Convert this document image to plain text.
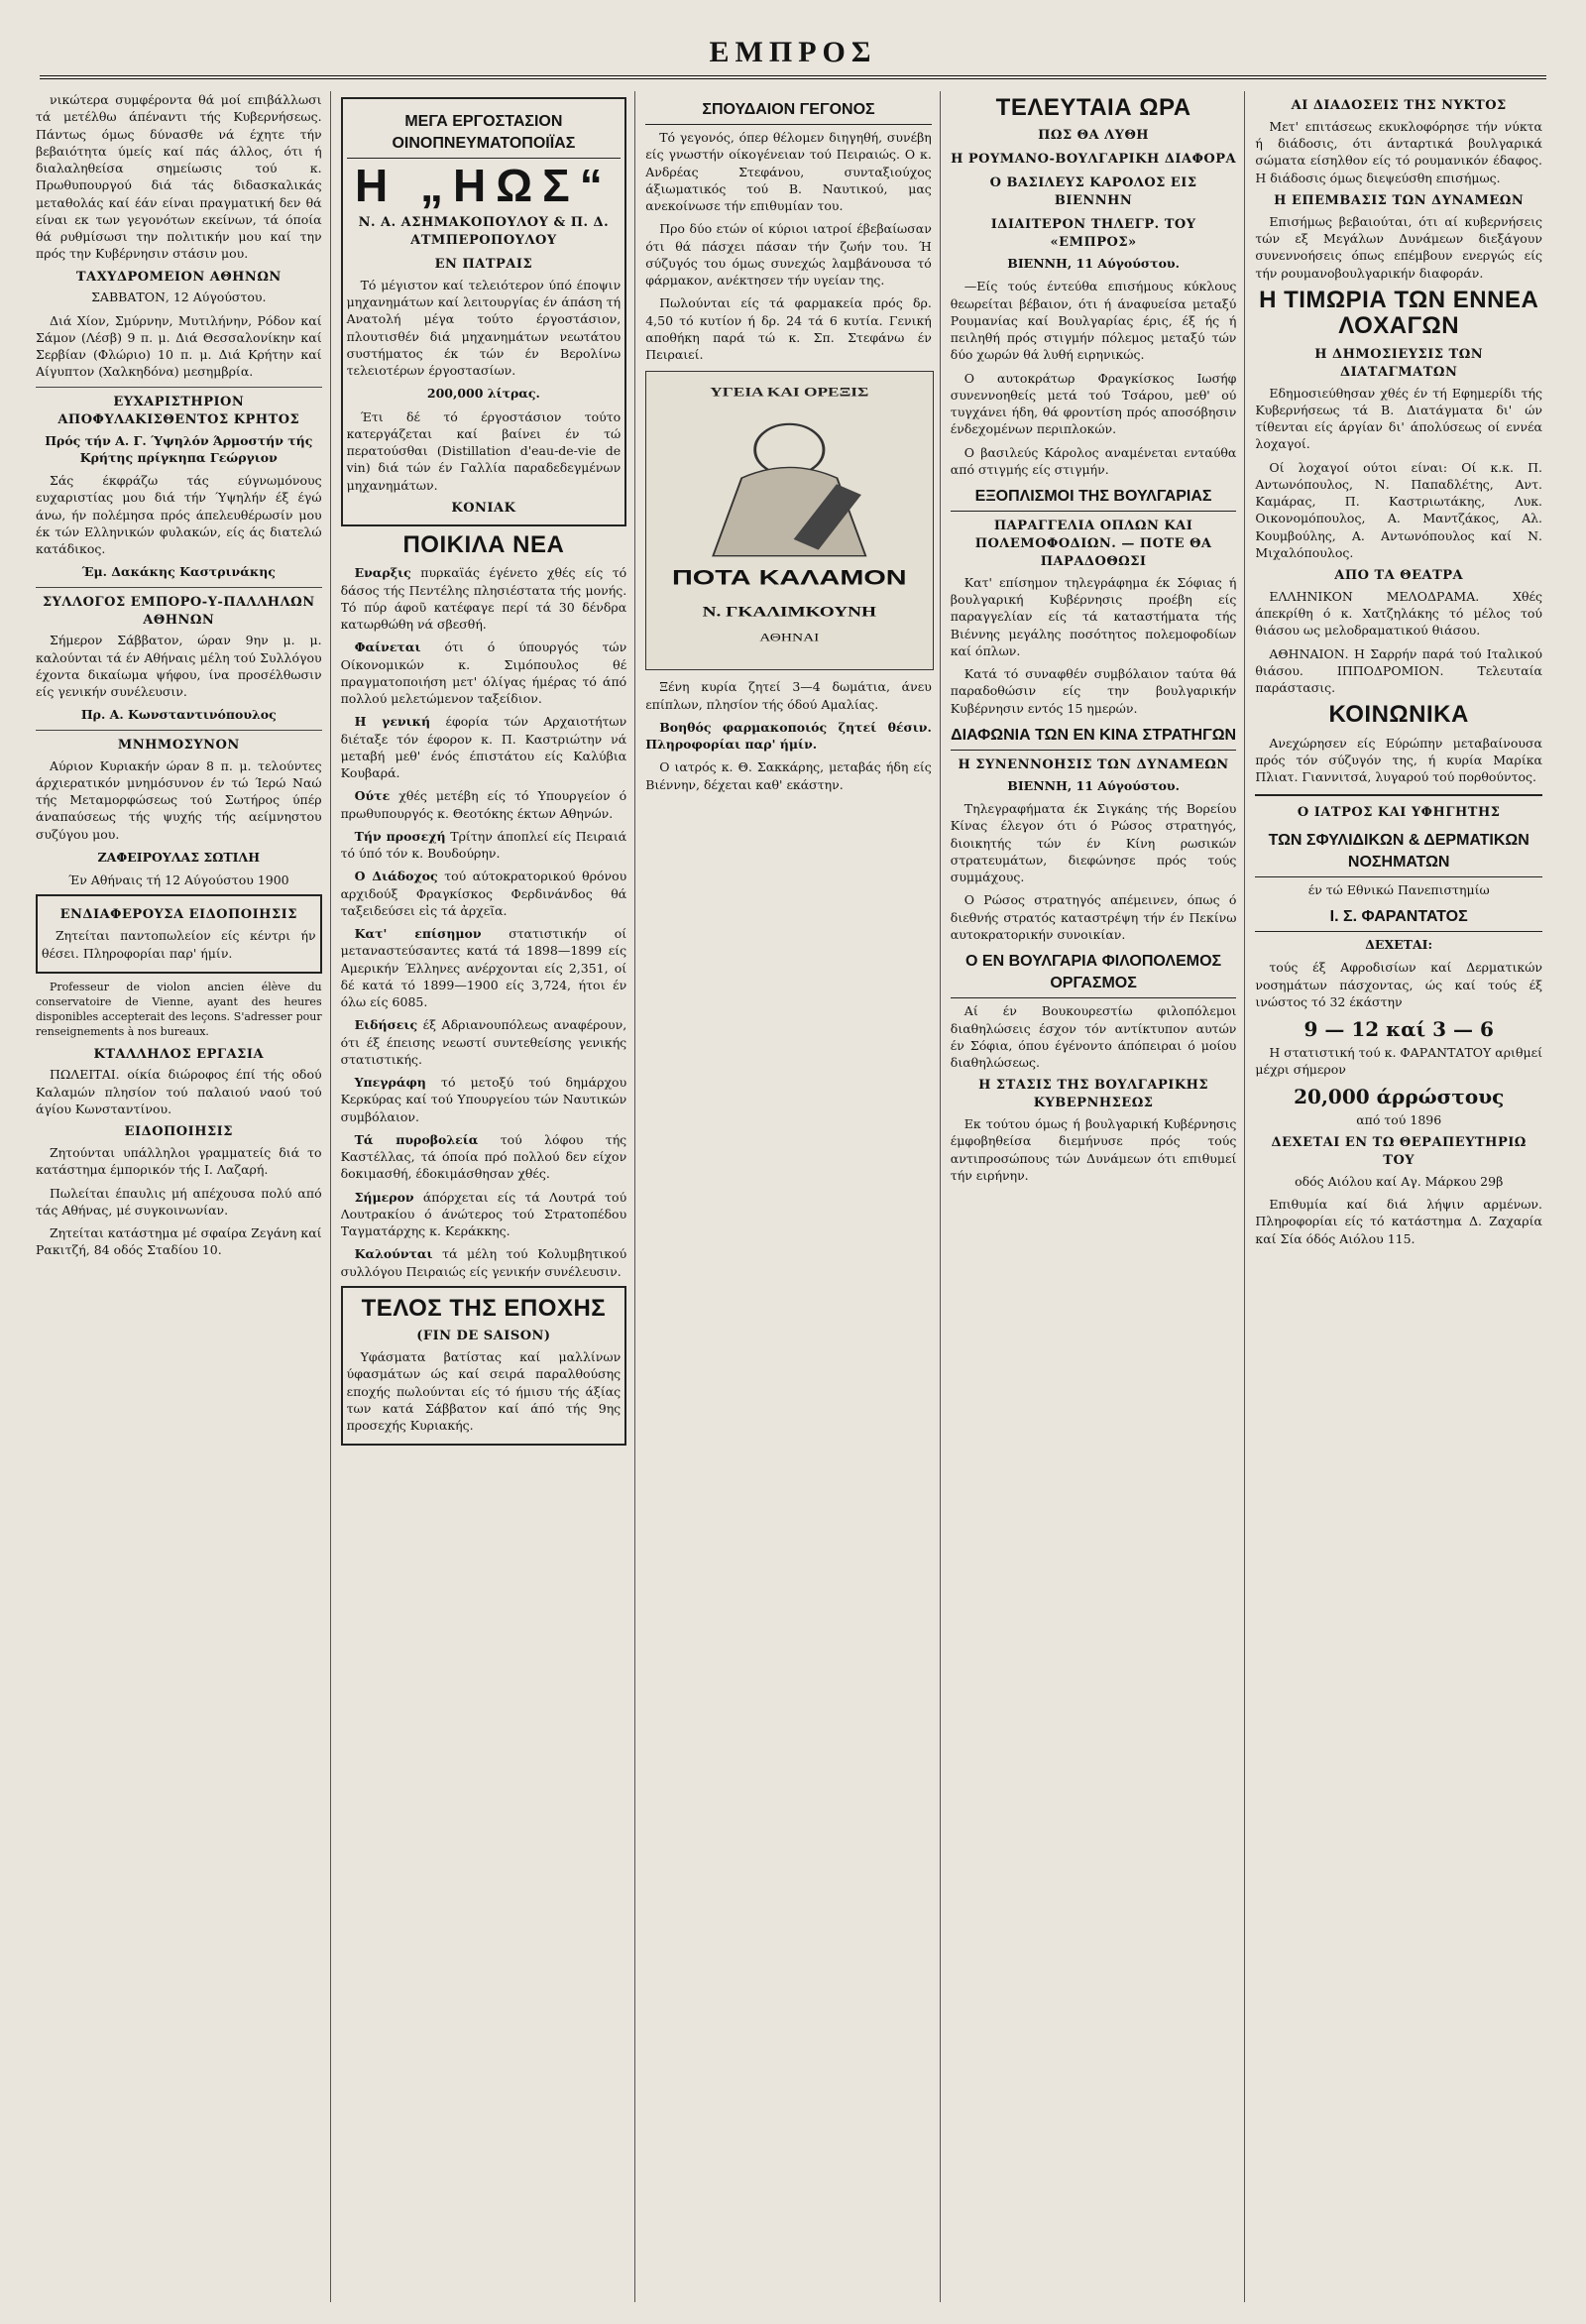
ΕΜΠΡΟΣ

νικώτερα συμφέροντα θά μοί επιβάλλωσι τά μετέλθω άπέναντι τής Κυβερνήσεως. Πάντως όμως δύνασθε νά έχητε τήν βεβαιότητα ύμείς καί πάς άλλος, ότι ή διαλαληθείσα σημείωσις τού κ. Πρωθυπουργού διά τάς διδασκαλικάς μεταθολάς καί έάν είναι πραγματική δεν θά είναι εκ των γεγονότων εκείνων, τά όποία θά ρυθμίσωσι την πολιτικήν μου καί την πρός την Κυβέρνησιν στάσιν μου.

ΤΑΧΥΔΡΟΜΕΙΟΝ ΑΘΗΝΩΝ

ΣΑΒΒΑΤΟΝ, 12 Αύγούστου.

Διά Χίον, Σμύρνην, Μυτιλήνην, Ρόδον καί Σάμον (Λέσβ) 9 π. μ. Διά Θεσσαλονίκην καί Σερβίαν (Φλώριο) 10 π. μ. Διά Κρήτην καί Αίγυπτον (Χαλκηδόνα) μεσημβρία.

ΕΥΧΑΡΙΣΤΗΡΙΟΝ ΑΠΟΦΥΛΑΚΙΣΘΕΝΤΟΣ ΚΡΗΤΟΣ

Πρός τήν Α. Γ. Ύψηλόν Άρμοστήν τής Κρήτης πρίγκηπα Γεώργιον

Σάς έκφράζω τάς εύγνωμόνους ευχαριστίας μου διά τήν Ύψηλήν έξ έγώ άνω, ήν πολέμησα πρός άπελευθέρωσίν μου έκ τών Ελληνικών φυλακών, είς άς διατελώ κατάδικος.

Έμ. Δακάκης Καστρινάκης

ΣΥΛΛΟΓΟΣ ΕΜΠΟΡΟ-Υ-ΠΑΛΛΗΛΩΝ ΑΘΗΝΩΝ

Σήμερον Σάββατον, ώραν 9ην μ. μ. καλούνται τά έν Αθήναις μέλη τού Συλλόγου έχοντα δικαίωμα ψήφου, ίνα προσέλθωσιν είς γενικήν συνέλευσιν.

Πρ. Α. Κωνσταντινόπουλος

ΜΝΗΜΟΣΥΝΟΝ

Αύριον Κυριακήν ώραν 8 π. μ. τελούντες άρχιερατικόν μνημόσυνον έν τώ Ίερώ Ναώ τής Μεταμορφώσεως τού Σωτήρος ύπέρ άναπαύσεως τής ψυχής τής αείμνηστου συζύγου μου.

ΖΑΦΕΙΡΟΥΛΑΣ ΣΩΤΙΛΗ

Έν Αθήναις τή 12 Αύγούστου 1900

ΕΝΔΙΑΦΕΡΟΥΣΑ ΕΙΔΟΠΟΙΗΣΙΣ

Ζητείται παντοπωλείον είς κέντρι ήν θέσει. Πληροφορίαι παρ' ήμίν.

Professeur de violon ancien élève du conservatoire de Vienne, ayant des heures disponibles accepterait des leçons. S'adresser pour renseignements à nos bureaux.

ΚΤΑΛΛΗΛΟΣ ΕΡΓΑΣΙΑ

ΠΩΛΕΙΤΑΙ. οίκία διώροφος έπί τής οδού Καλαμών πλησίον τού παλαιού ναού τού άγίου Κωνσταντίνου.

ΕΙΔΟΠΟΙΗΣΙΣ

Ζητούνται υπάλληλοι γραμματείς διά το κατάστημα έμπορικόν τής Ι. Λαζαρή.

Πωλείται έπαυλις μή απέχουσα πολύ από τάς Αθήνας, μέ συγκοινωνίαν.

Ζητείται κατάστημα μέ σφαίρα Ζεγάνη καί Ρακιτζή, 84 οδός Σταδίου 10.

ΜΕΓΑ ΕΡΓΟΣΤΑΣΙΟΝ ΟΙΝΟΠΝΕΥΜΑΤΟΠΟΙΪΑΣ
Η „ΗΩΣ“
Ν. Α. ΑΣΗΜΑΚΟΠΟΥΛΟΥ & Π. Δ. ΑΤΜΠΕΡΟΠΟΥΛΟΥ
ΕΝ ΠΑΤΡΑΙΣ

Τό μέγιστον καί τελειότερον ύπό έποψιν μηχανημάτων καί λειτουργίας έν άπάση τή Ανατολή μέγα τούτο έργοστάσιον, πλουτισθέν διά μηχανημάτων νεωτάτου συστήματος έκ τών έν Βερολίνω τελειοτέρων έργοστασίων.

200,000 λίτρας.

Έτι δέ τό έργοστάσιον τούτο κατεργάζεται καί βαίνει έν τώ περατούσθαι (Distillation d'eau-de-vie de vin) διά τών έν Γαλλία παραδεδεγμένων μηχανημάτων.

ΚΟΝΙΑΚ
ΠΟΙΚΙΛΑ ΝΕΑ

Εναρξις πυρκαϊάς έγένετο χθές είς τό δάσος τής Πεντέλης πλησιέστατα τής μονής. Τό πύρ άφοῦ κατέφαγε περί τά 30 δένδρα κατωρθώθη νά σβεσθή.

Φαίνεται ότι ό ύπουργός τών Οίκονομικών κ. Σιμόπουλος θέ πραγματοποιήση μετ' όλίγας ήμέρας τό άπό πολλού μελετώμενον ταξείδιον.

Η γενική έφορία τών Αρχαιοτήτων διέταξε τόν έφορον κ. Π. Καστριώτην νά μεταβή μεθ' ένός έπιστάτου είς Καλύβια Κουβαρά.

Ούτε χθές μετέβη είς τό Υπουργείον ό πρωθυπουργός κ. Θεοτόκης έκτων Αθηνών.

Τήν προσεχή Τρίτην άποπλεί είς Πειραιά τό ύπό τόν κ. Βουδούρην.

Ο Διάδοχος τού αύτοκρατορικού θρόνου αρχιδούξ Φραγκίσκος Φερδινάνδος θά ταξειδεύσει εἰς τά ἀρχεῖα.

Κατ' επίσημον στατιστικήν οί μεταναστεύσαντες κατά τά 1898—1899 είς Αμερικήν Έλληνες ανέρχονται είς 2,351, οί δέ κατά τό 1899—1900 είς 3,724, ήτοι έν όλω είς 6085.

Ειδήσεις έξ Αδριανουπόλεως αναφέρουν, ότι έξ έπεισης νεωστί συντεθείσης γενικής στατιστικής.

Υπεγράφη τό μετοξύ τού δημάρχου Κερκύρας καί τού Υπουργείου τών Ναυτικών συμβόλαιον.

Τά πυροβολεία τού λόφου τής Καστέλλας, τά όποία πρό πολλού δεν είχον δοκιμασθή, έδοκιμάσθησαν χθές.

Σήμερον άπόρχεται είς τά Λουτρά τού Λουτρακίου ό άνώτερος τού Στρατοπέδου Ταγματάρχης κ. Κεράκκης.

Καλούνται τά μέλη τού Κολυμβητικού συλλόγου Πειραιώς είς γενικήν συνέλευσιν.

ΤΕΛΟΣ ΤΗΣ ΕΠΟΧΗΣ
(FIN DE SAISON)

Υφάσματα βατίστας καί μαλλίνων ύφασμάτων ώς καί σειρά παραλθούσης εποχής πωλούνται είς τό ήμισυ τής άξίας των κατά Σάββατον καί άπό τής 9ης προσεχής Κυριακής.

ΣΠΟΥΔΑΙΟΝ ΓΕΓΟΝΟΣ

Τό γεγονός, όπερ θέλομεν διηγηθή, συνέβη είς γνωστήν οίκογένειαν τού Πειραιώς. Ο κ. Ανδρέας Στεφάνου, συνταξιούχος άξιωματικός τού Β. Ναυτικού, μας ανεκοίνωσε τήν επιθυμίαν του.

Προ δύο ετών οί κύριοι ιατροί έβεβαίωσαν ότι θά πάσχει πάσαν τήν ζωήν του. Ή σύζυγός του όμως συνεχώς λαμβάνουσα τό φάρμακον, ανέκτησεν τήν υγείαν της.

Πωλούνται είς τά φαρμακεία πρός δρ. 4,50 τό κυτίον ή δρ. 24 τά 6 κυτία. Γενική αποθήκη παρά τώ κ. Σπ. Στεφάνω έν Πειραιεί.

ΥΓΕΙΑ ΚΑΙ ΟΡΕΞΙΣ
ΠΟΤΑ ΚΑΛΑΜΟΝ
Ν. ΓΚΑΛΙΜΚΟΥΝΗ
ΑΘΗΝΑΙ

Ξένη κυρία ζητεί 3—4 δωμάτια, άνευ επίπλων, πλησίον τής όδού Αμαλίας.

Βοηθός φαρμακοποιός ζητεί θέσιν. Πληροφορίαι παρ' ήμίν.

Ο ιατρός κ. Θ. Σακκάρης, μεταβάς ήδη είς Βιέννην, δέχεται καθ' εκάστην.

ΤΕΛΕΥΤΑΙΑ ΩΡΑ
ΠΩΣ ΘΑ ΛΥΘΗ
Η ΡΟΥΜΑΝΟ-ΒΟΥΛΓΑΡΙΚΗ ΔΙΑΦΟΡΑ
Ο ΒΑΣΙΛΕΥΣ ΚΑΡΟΛΟΣ ΕΙΣ ΒΙΕΝΝΗΝ
ΙΔΙΑΙΤΕΡΟΝ ΤΗΛΕΓΡ. ΤΟΥ «ΕΜΠΡΟΣ»

ΒΙΕΝΝΗ, 11 Αύγούστου.

—Είς τούς έντεύθα επισήμους κύκλους θεωρείται βέβαιον, ότι ή άναφυείσα μεταξύ Ρουμανίας καί Βουλγαρίας έρις, έξ ής ή πειληθή πρός στιγμήν πόλεμος μεταξύ τών δύο χωρών θά λυθή ειρηνικώς.

Ο αυτοκράτωρ Φραγκίσκος Ιωσήφ συνεννοηθείς μετά τού Τσάρου, μεθ' ού τυγχάνει ήδη, θά φροντίση πρός αποσόβησιν ένδεχομένων περιπλοκών.

Ο βασιλεύς Κάρολος αναμένεται ενταύθα από στιγμής είς στιγμήν.

ΕΞΟΠΛΙΣΜΟΙ ΤΗΣ ΒΟΥΛΓΑΡΙΑΣ
ΠΑΡΑΓΓΕΛΙΑ ΟΠΛΩΝ ΚΑΙ ΠΟΛΕΜΟΦΟΔΙΩΝ. — ΠΟΤΕ ΘΑ ΠΑΡΑΔΟΘΩΣΙ

Κατ' επίσημον τηλεγράφημα έκ Σόφιας ή βουλγαρική Κυβέρνησις προέβη είς παραγγελίαν είς τά καταστήματα τής Βιέννης μεγάλης ποσότητος πολεμοφοδίων καί όπλων.

Κατά τό συναφθέν συμβόλαιον ταύτα θά παραδοθώσιν είς την βουλγαρικήν Κυβέρνησιν εντός 15 ημερών.

ΔΙΑΦΩΝΙΑ ΤΩΝ ΕΝ ΚΙΝΑ ΣΤΡΑΤΗΓΩΝ
Η ΣΥΝΕΝΝΟΗΣΙΣ ΤΩΝ ΔΥΝΑΜΕΩΝ

ΒΙΕΝΝΗ, 11 Αύγούστου.

Τηλεγραφήματα έκ Σιγκάης τής Βορείου Κίνας έλεγον ότι ό Ρώσος στρατηγός, διοικητής τών έν Κίνη ρωσικών στρατευμάτων, διεφώνησε πρός τούς συμμάχους.

Ο Ρώσος στρατηγός απέμεινεν, όπως ό διεθνής στρατός καταστρέψη τήν έν Πεκίνω αυτοκρατορικήν συνοικίαν.

Ο ΕΝ ΒΟΥΛΓΑΡΙΑ ΦΙΛΟΠΟΛΕΜΟΣ ΟΡΓΑΣΜΟΣ

Αί έν Βουκουρεστίω φιλοπόλεμοι διαθηλώσεις έσχον τόν αντίκτυπον αυτών έν Σόφια, όπου έγένοντο άπόπειραι ό μοίου διαθηλώσεως.

Η ΣΤΑΣΙΣ ΤΗΣ ΒΟΥΛΓΑΡΙΚΗΣ ΚΥΒΕΡΝΗΣΕΩΣ

Εκ τούτου όμως ή βουλγαρική Κυβέρνησις έμφοβηθείσα διεμήνυσε πρός τούς αντιπροσώπους τών Δυνάμεων ότι επιθυμεί τήν ειρήνην.

ΑΙ ΔΙΑΔΟΣΕΙΣ ΤΗΣ ΝΥΚΤΟΣ

Μετ' επιτάσεως εκυκλοφόρησε τήν νύκτα ή διάδοσις, ότι άνταρτικά βουλγαρικά σώματα είσηλθον είς τό ρουμανικόν έδαφος. Η διάδοσις όμως διεψεύσθη επισήμως.

Η ΕΠΕΜΒΑΣΙΣ ΤΩΝ ΔΥΝΑΜΕΩΝ

Επισήμως βεβαιούται, ότι αί κυβερνήσεις τών εξ Μεγάλων Δυνάμεων διεξάγουν συνεννοήσεις όπως επέμβουν ενεργώς είς τήν ρουμανοβουλγαρικήν διαφοράν.

Η ΤΙΜΩΡΙΑ ΤΩΝ ΕΝΝΕΑ ΛΟΧΑΓΩΝ
Η ΔΗΜΟΣΙΕΥΣΙΣ ΤΩΝ ΔΙΑΤΑΓΜΑΤΩΝ

Εδημοσιεύθησαν χθές έν τή Εφημερίδι τής Κυβερνήσεως τά Β. Διατάγματα δι' ών τίθενται είς άργίαν δι' άπολύσεως οί εννέα λοχαγοί.

Οί λοχαγοί ούτοι είναι: Οί κ.κ. Π. Αντωνόπουλος, Ν. Παπαδλέτης, Αντ. Καμάρας, Π. Καστριωτάκης, Λυκ. Οικονομόπουλος, Α. Μαντζάκος, Αλ. Κουμβούλης, Α. Αντωνόπουλος καί Ν. Μιχαλόπουλος.

ΑΠΟ ΤΑ ΘΕΑΤΡΑ

ΕΛΛΗΝΙΚΟΝ ΜΕΛΟΔΡΑΜΑ. Χθές άπεκρίθη ό κ. Χατζηλάκης τό μέλος τού θιάσου ως μελοδραματικού θιάσου.

ΑΘΗΝΑΙΟΝ. Η Σαρρήν παρά τού Ιταλικού θιάσου. ΙΠΠΟΔΡΟΜΙΟΝ. Τελευταία παράστασις.

ΚΟΙΝΩΝΙΚΑ

Ανεχώρησεν είς Εύρώπην μεταβαίνουσα πρός τόν σύζυγόν της, ή κυρία Μαρίκα Πλιατ. Γιαννιτσά, λυγαρού τού πορθούντος.

Ο ΙΑΤΡΟΣ ΚΑΙ ΥΦΗΓΗΤΗΣ
ΤΩΝ ΣΦΥΛΙΔΙΚΩΝ & ΔΕΡΜΑΤΙΚΩΝ ΝΟΣΗΜΑΤΩΝ

έν τώ Εθνικώ Πανεπιστημίω

Ι. Σ. ΦΑΡΑΝΤΑΤΟΣ

ΔΕΧΕΤΑΙ:

τούς έξ Αφροδισίων καί Δερματικών νοσημάτων πάσχοντας, ώς καί τούς έξ ινώστος τό 32 έκάστην

9 — 12 καί 3 — 6

Η στατιστική τού κ. ΦΑΡΑΝΤΑΤΟΥ αριθμεί μέχρι σήμερον

20,000 άρρώστους

από τού 1896

ΔΕΧΕΤΑΙ ΕΝ ΤΩ ΘΕΡΑΠΕΥΤΗΡΙΩ ΤΟΥ

οδός Αιόλου καί Αγ. Μάρκου 29β

Επιθυμία καί διά λήψιν αρμένων. Πληροφορίαι είς τό κατάστημα Δ. Ζαχαρία καί Σία όδός Αιόλου 115.
